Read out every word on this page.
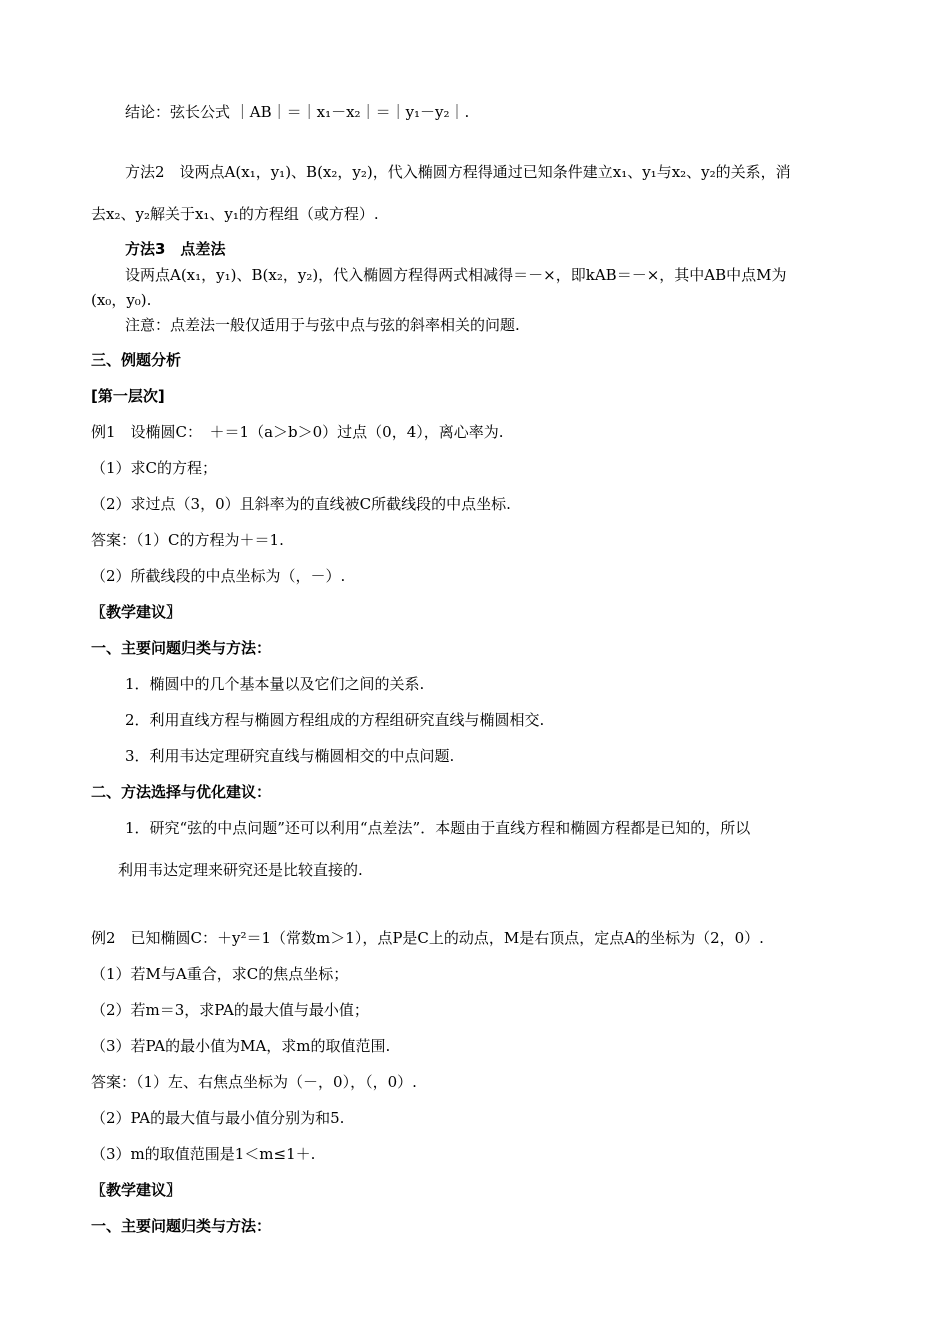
结论：弦长公式 ｜AB｜＝｜x₁－x₂｜＝｜y₁－y₂｜.
方法2　设两点A(x₁，y₁)、B(x₂，y₂)，代入椭圆方程得通过已知条件建立x₁、y₁与x₂、y₂的关系，消
去x₂、y₂解关于x₁、y₁的方程组（或方程）.
方法3　点差法
设两点A(x₁，y₁)、B(x₂，y₂)，代入椭圆方程得两式相减得＝－×，即kAB＝－×，其中AB中点M为
(x₀，y₀).
注意：点差法一般仅适用于与弦中点与弦的斜率相关的问题.
三、例题分析
[第一层次]
例1　设椭圆C：　＋＝1（a＞b＞0）过点（0，4），离心率为.
（1）求C的方程；
（2）求过点（3，0）且斜率为的直线被C所截线段的中点坐标.
答案：（1）C的方程为＋＝1.
（2）所截线段的中点坐标为（，－）.
〖教学建议〗
一、主要问题归类与方法：
1．椭圆中的几个基本量以及它们之间的关系.
2．利用直线方程与椭圆方程组成的方程组研究直线与椭圆相交.
3．利用韦达定理研究直线与椭圆相交的中点问题.
二、方法选择与优化建议：
1．研究“弦的中点问题”还可以利用“点差法”．本题由于直线方程和椭圆方程都是已知的，所以
利用韦达定理来研究还是比较直接的.
例2　已知椭圆C：＋y²＝1（常数m＞1），点P是C上的动点，M是右顶点，定点A的坐标为（2，0）.
（1）若M与A重合，求C的焦点坐标；
（2）若m＝3，求PA的最大值与最小值；
（3）若PA的最小值为MA，求m的取值范围.
答案：（1）左、右焦点坐标为（－，0），（，0）.
（2）PA的最大值与最小值分别为和5.
（3）m的取值范围是1＜m≤1＋.
〖教学建议〗
一、主要问题归类与方法：
